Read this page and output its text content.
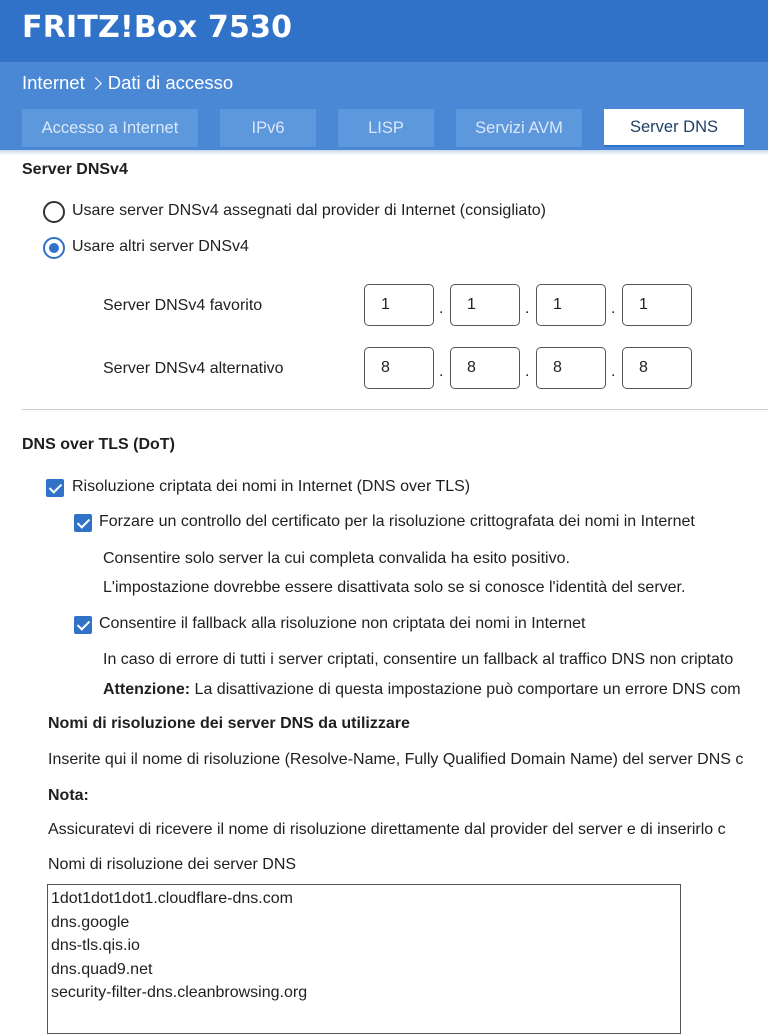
FRITZ!Box 7530
Internet Dati di accesso
Accesso a Internet	IPv6	LISP	Servizi AVM	Server DNS
Server DNSv4
Usare server DNSv4 assegnati dal provider di Internet (consigliato)
Usare altri server DNSv4
Server DNSv4 favorito	1	.	1	.	1	.	1
Server DNSv4 alternativo	8	.	8	.	8	.	8
DNS over TLS (DoT)
Risoluzione criptata dei nomi in Internet (DNS over TLS)
Forzare un controllo del certificato per la risoluzione crittografata dei nomi in Internet
Consentire solo server la cui completa convalida ha esito positivo.
L'impostazione dovrebbe essere disattivata solo se si conosce l'identità del server.
Consentire il fallback alla risoluzione non criptata dei nomi in Internet
In caso di errore di tutti i server criptati, consentire un fallback al traffico DNS non criptato
Attenzione: La disattivazione di questa impostazione può comportare un errore DNS com
Nomi di risoluzione dei server DNS da utilizzare
Inserite qui il nome di risoluzione (Resolve-Name, Fully Qualified Domain Name) del server DNS c
Nota:
Assicuratevi di ricevere il nome di risoluzione direttamente dal provider del server e di inserirlo c
Nomi di risoluzione dei server DNS
1dot1dot1dot1.cloudflare-dns.com
dns.google
dns-tls.qis.io
dns.quad9.net
security-filter-dns.cleanbrowsing.org
